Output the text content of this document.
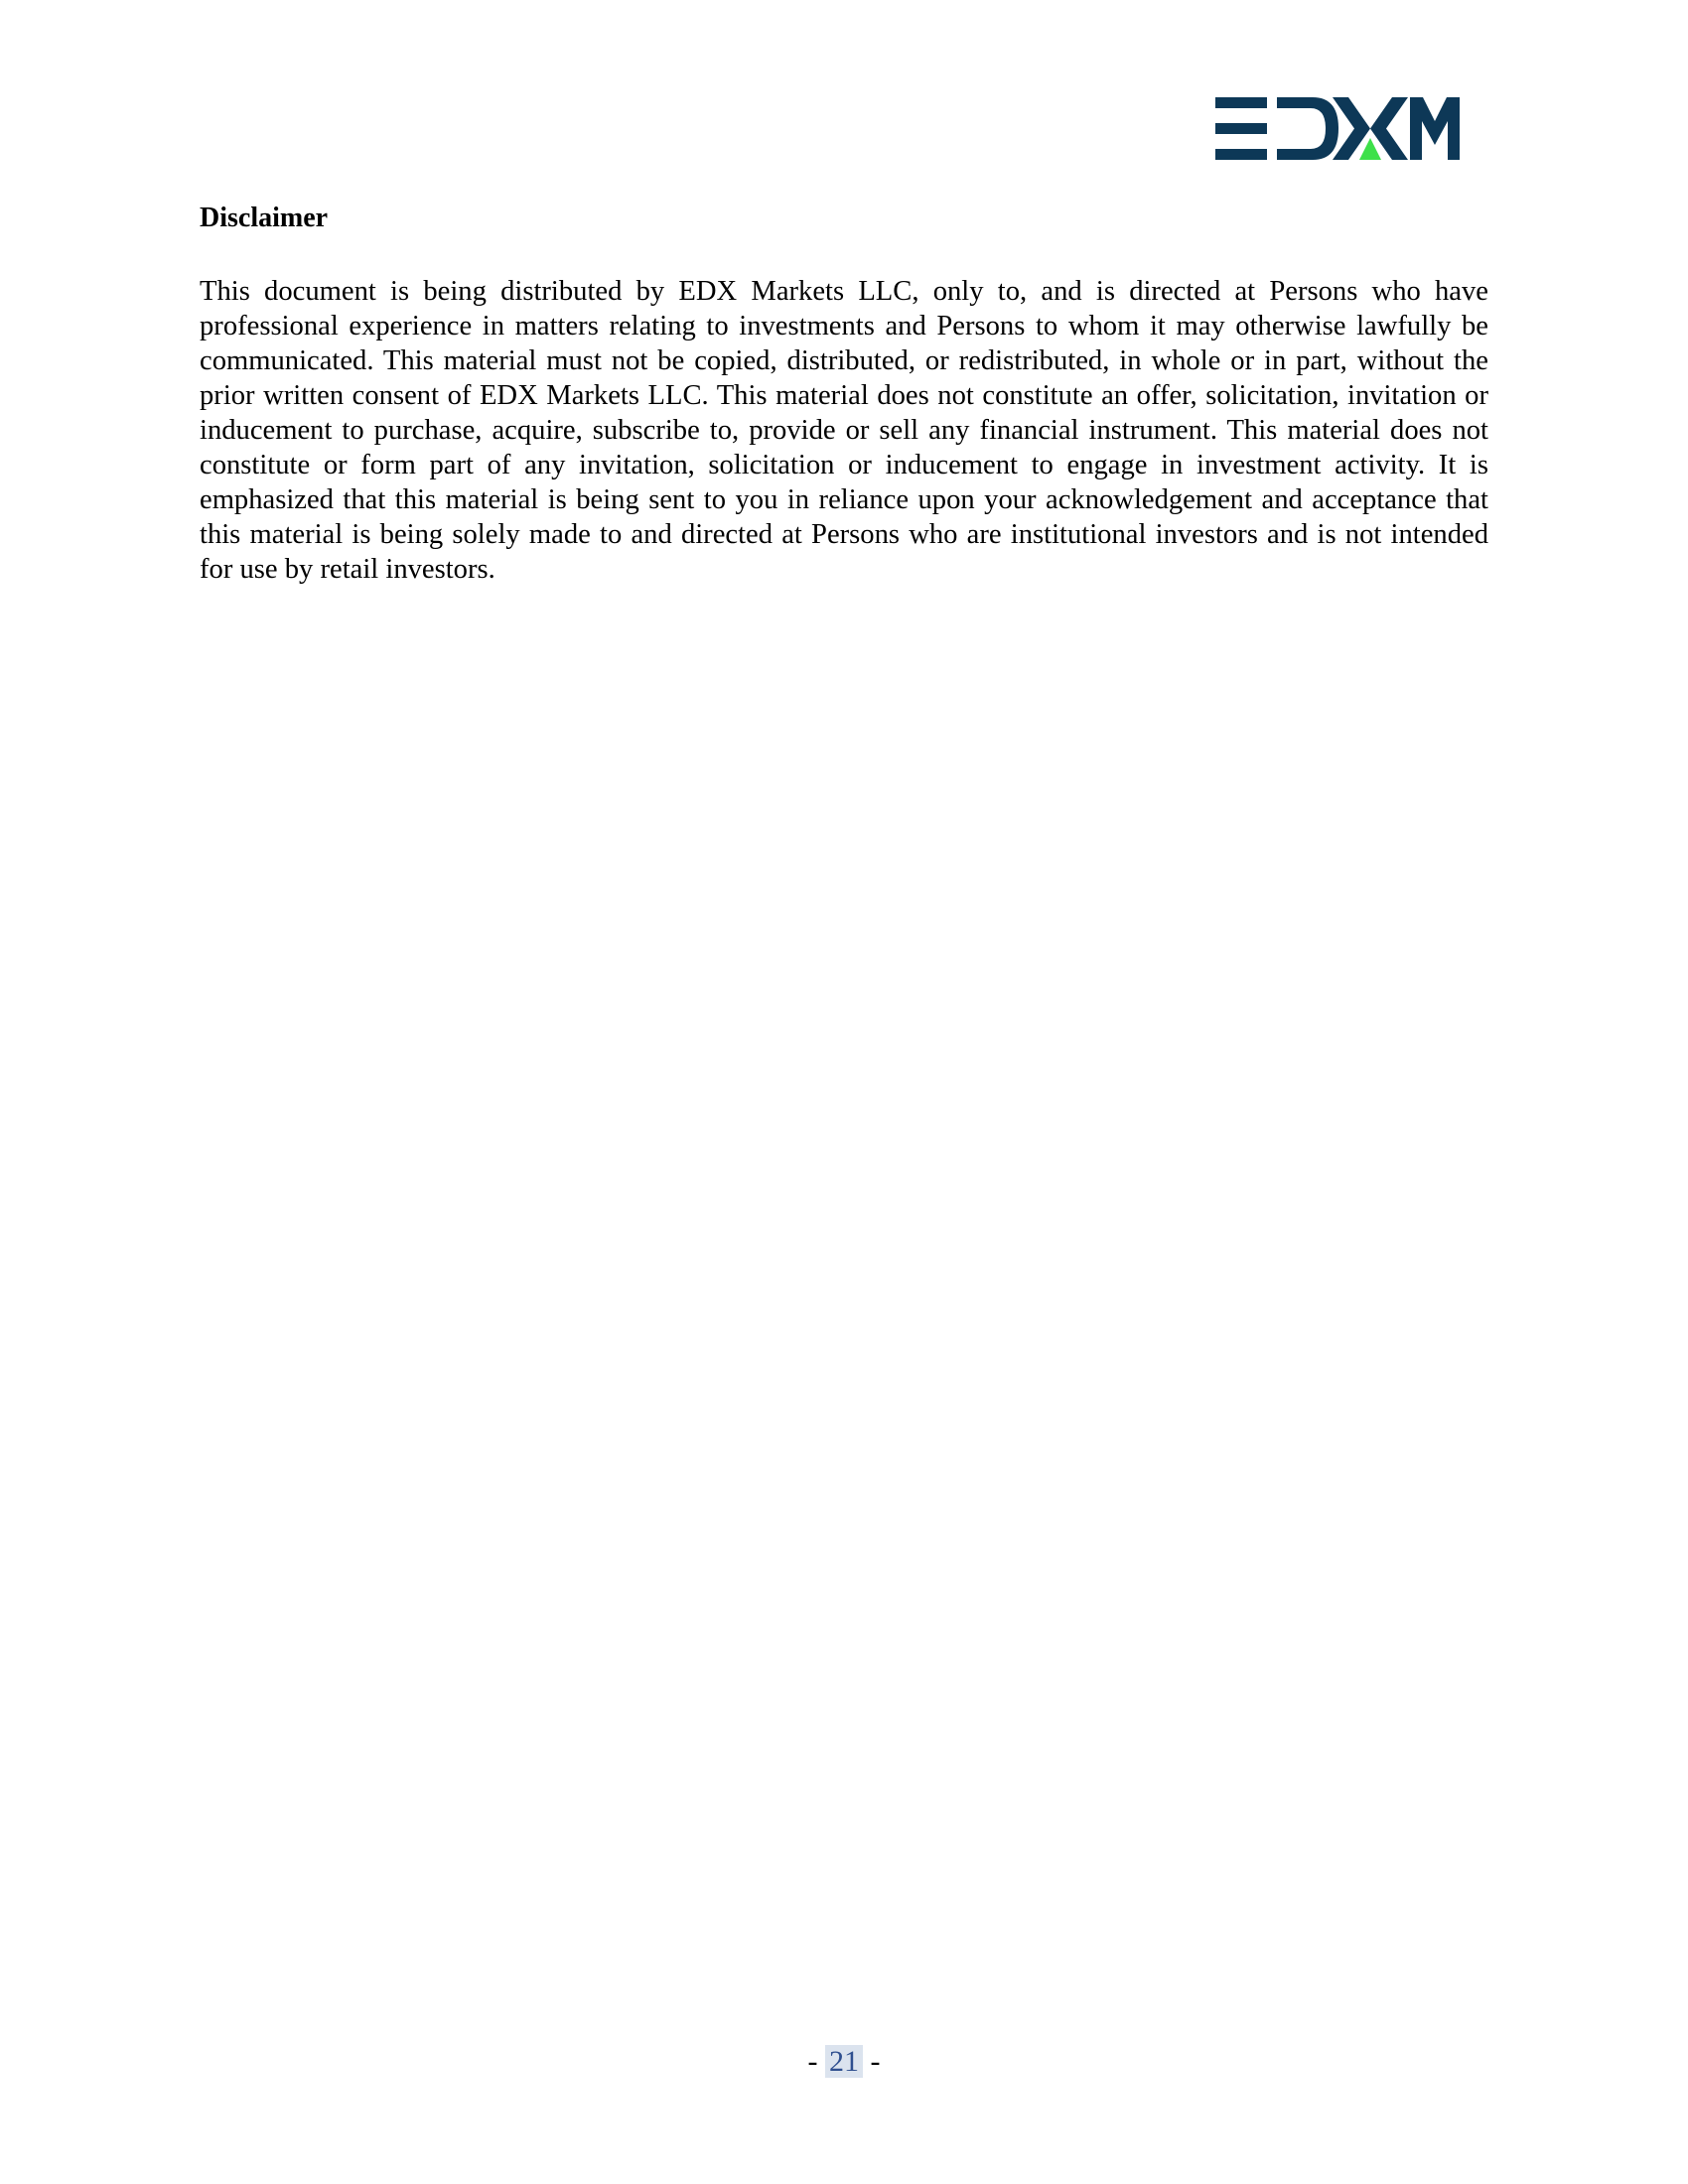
Disclaimer

This document is being distributed by EDX Markets LLC, only to, and is directed at Persons who have professional experience in matters relating to investments and Persons to whom it may otherwise lawfully be communicated. This material must not be copied, distributed, or redistributed, in whole or in part, without the prior written consent of EDX Markets LLC. This material does not constitute an offer, solicitation, invitation or inducement to purchase, acquire, subscribe to, provide or sell any financial instrument. This material does not constitute or form part of any invitation, solicitation or inducement to engage in investment activity. It is emphasized that this material is being sent to you in reliance upon your acknowledgement and acceptance that this material is being solely made to and directed at Persons who are institutional investors and is not intended for use by retail investors.

- 21 -
